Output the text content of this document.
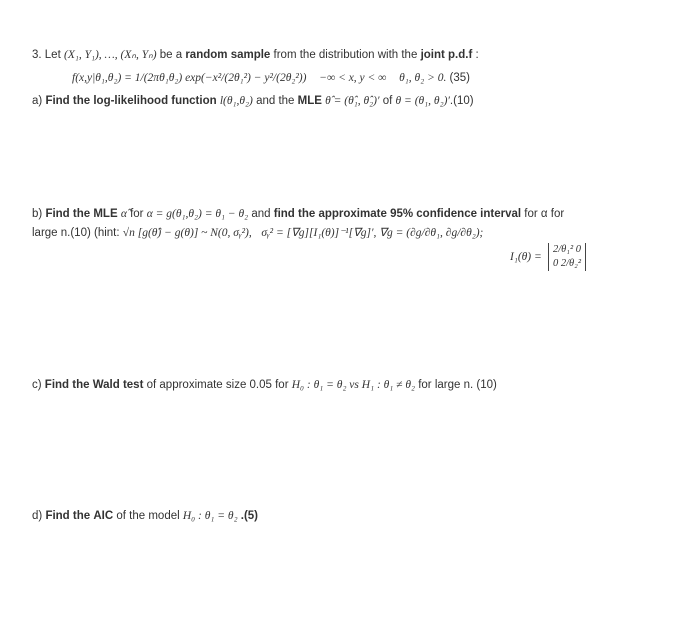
3. Let (X₁, Y₁), …, (Xₙ, Yₙ) be a random sample from the distribution with the joint p.d.f :
f(x,y|θ₁,θ₂) = 1/(2πθ₁θ₂) exp(−x²/(2θ₁²) − y²/(2θ₂²)) −∞ < x, y < ∞ θ₁, θ₂ > 0. (35)
a) Find the log-likelihood function l(θ₁,θ₂) and the MLE θ̂ = (θ̂₁, θ̂₂)′ of θ = (θ₁, θ₂)′.(10)
b) Find the MLE α̂ for α = g(θ₁,θ₂) = θ₁ − θ₂ and find the approximate 95% confidence interval for α for
large n.(10) (hint: √n [g(θ̂) − g(θ)] ~ N(0, σᵧ²), σᵧ² = [∇g][I₁(θ)]⁻¹[∇g]′, ∇g = (∂g/∂θ₁, ∂g/∂θ₂);
I₁(θ) =
2/θ₁² 0
0 2/θ₂²
c) Find the Wald test of approximate size 0.05 for H₀ : θ₁ = θ₂ vs H₁ : θ₁ ≠ θ₂ for large n. (10)
d) Find the AIC of the model H₀ : θ₁ = θ₂ .(5)
